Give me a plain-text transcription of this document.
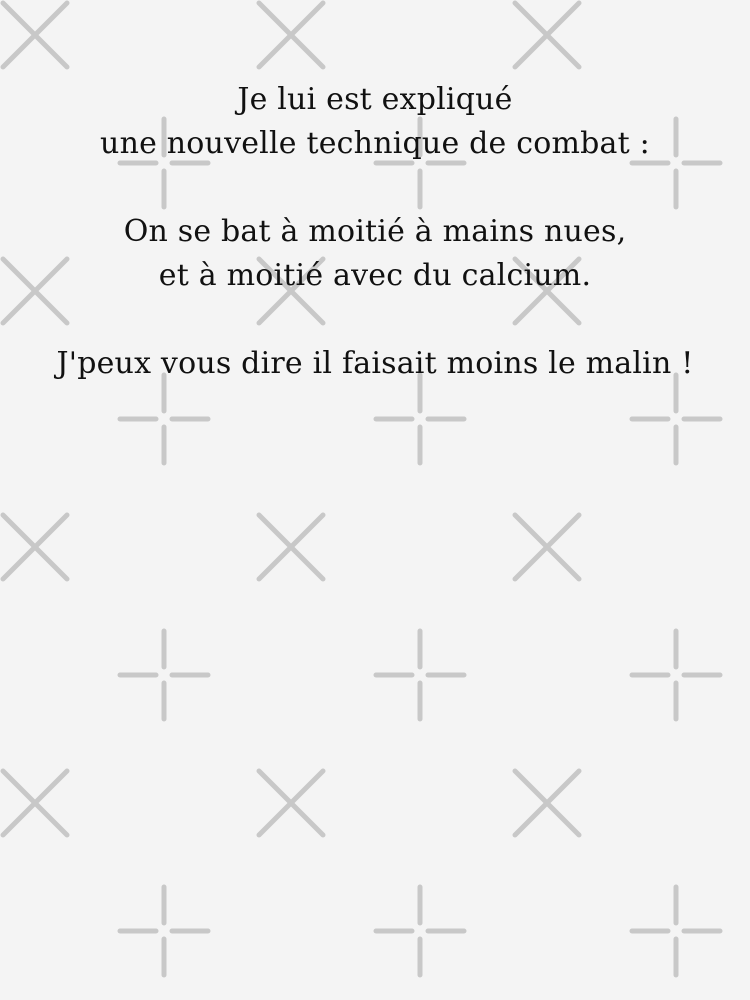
Je lui est expliqué
une nouvelle technique de combat :
On se bat à moitié à mains nues,
et à moitié avec du calcium.
J'peux vous dire il faisait moins le malin !
